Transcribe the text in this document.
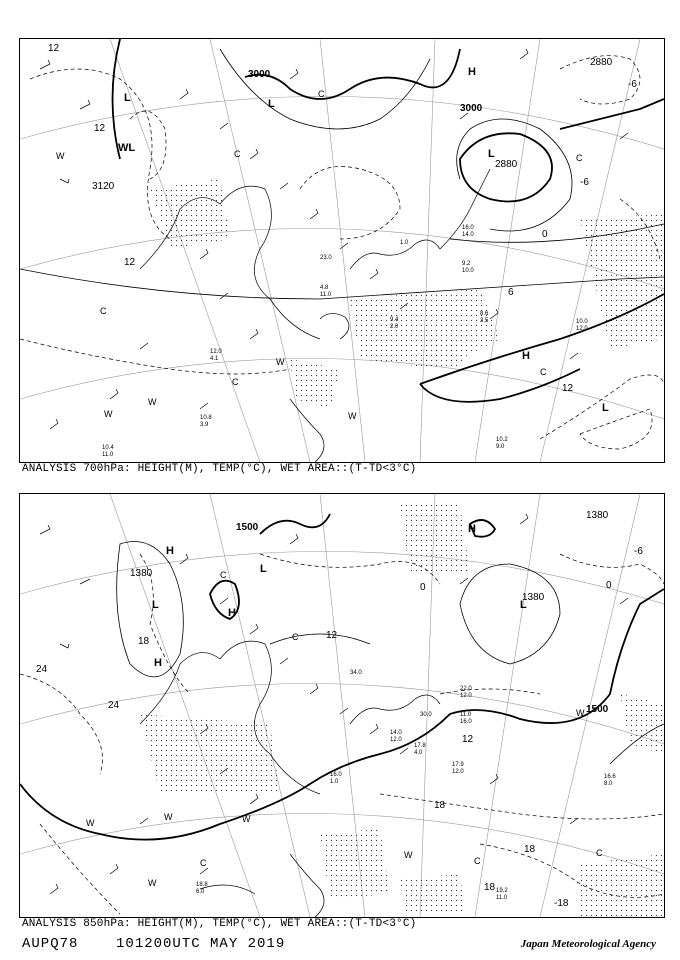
3000
3000
2880
2880
3120
12
12
12
12
-6
0
-6
6
L	L
WL	L
H
H
L
W
W
W
W
W
C
C
C
C
C
C
10.2
9.0
10.0
12.0
9.4
2.0
8.6
3.5
12.0
4.1
10.8
3.9
10.4
11.0
16.0
14.0
9.2
10.0
1.0
23.0
4.8
11.0
ANALYSIS 700hPa: HEIGHT(M), TEMP(°C), WET AREA::(T-TD<3°C)
1500
1500
1380
1380
1380
24
24
18
18
18
18
12
12
-6
0
-18
0
H
H
L
L
H
L
H
W
W	W
W
W
W
C
C
C
C
C
16.6
8.0
17.9
12.0
16.0
1.0
19.2
11.0
18.8
6.0
22.0
12.0
11.0
16.0
34.0
30.0
14.0
12.0
4.0
17.8
ANALYSIS 850hPa: HEIGHT(M), TEMP(°C), WET AREA::(T-TD<3°C)
AUPQ78    101200UTC MAY 2019	Japan Meteorological Agency
